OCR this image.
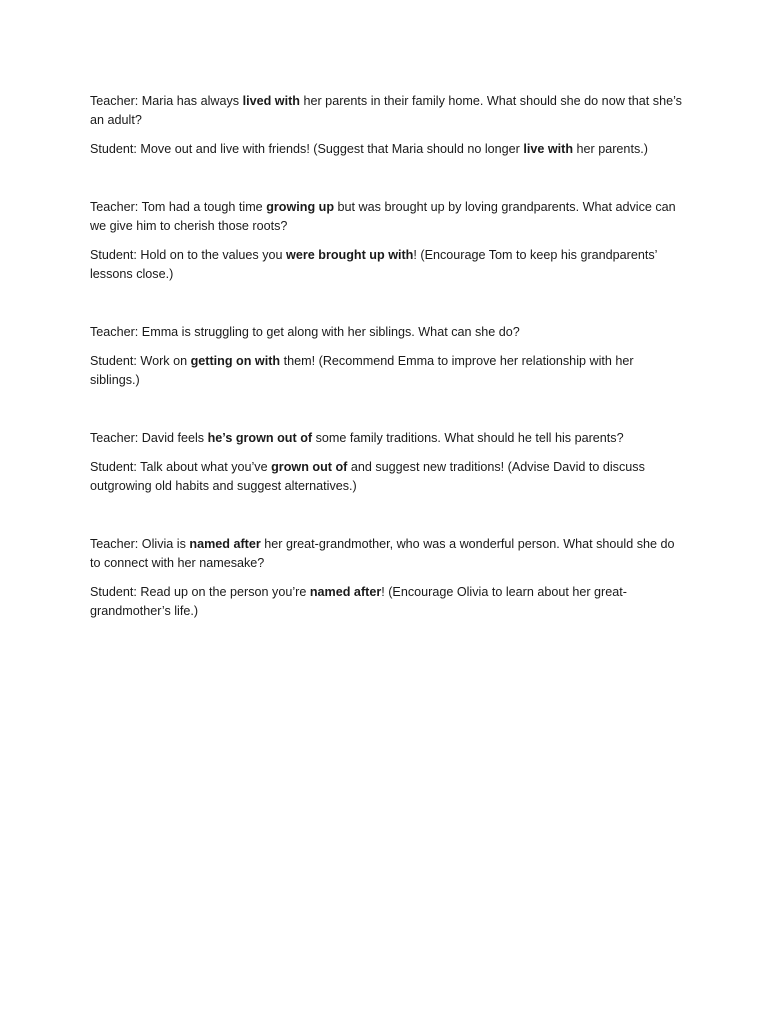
Teacher: Maria has always lived with her parents in their family home. What should she do now that she’s an adult?

Student: Move out and live with friends! (Suggest that Maria should no longer live with her parents.)

Teacher: Tom had a tough time growing up but was brought up by loving grandparents. What advice can we give him to cherish those roots?

Student: Hold on to the values you were brought up with! (Encourage Tom to keep his grandparents’ lessons close.)

Teacher: Emma is struggling to get along with her siblings. What can she do?

Student: Work on getting on with them! (Recommend Emma to improve her relationship with her siblings.)

Teacher: David feels he’s grown out of some family traditions. What should he tell his parents?

Student: Talk about what you’ve grown out of and suggest new traditions! (Advise David to discuss outgrowing old habits and suggest alternatives.)

Teacher: Olivia is named after her great-grandmother, who was a wonderful person. What should she do to connect with her namesake?

Student: Read up on the person you’re named after! (Encourage Olivia to learn about her great-grandmother’s life.)
